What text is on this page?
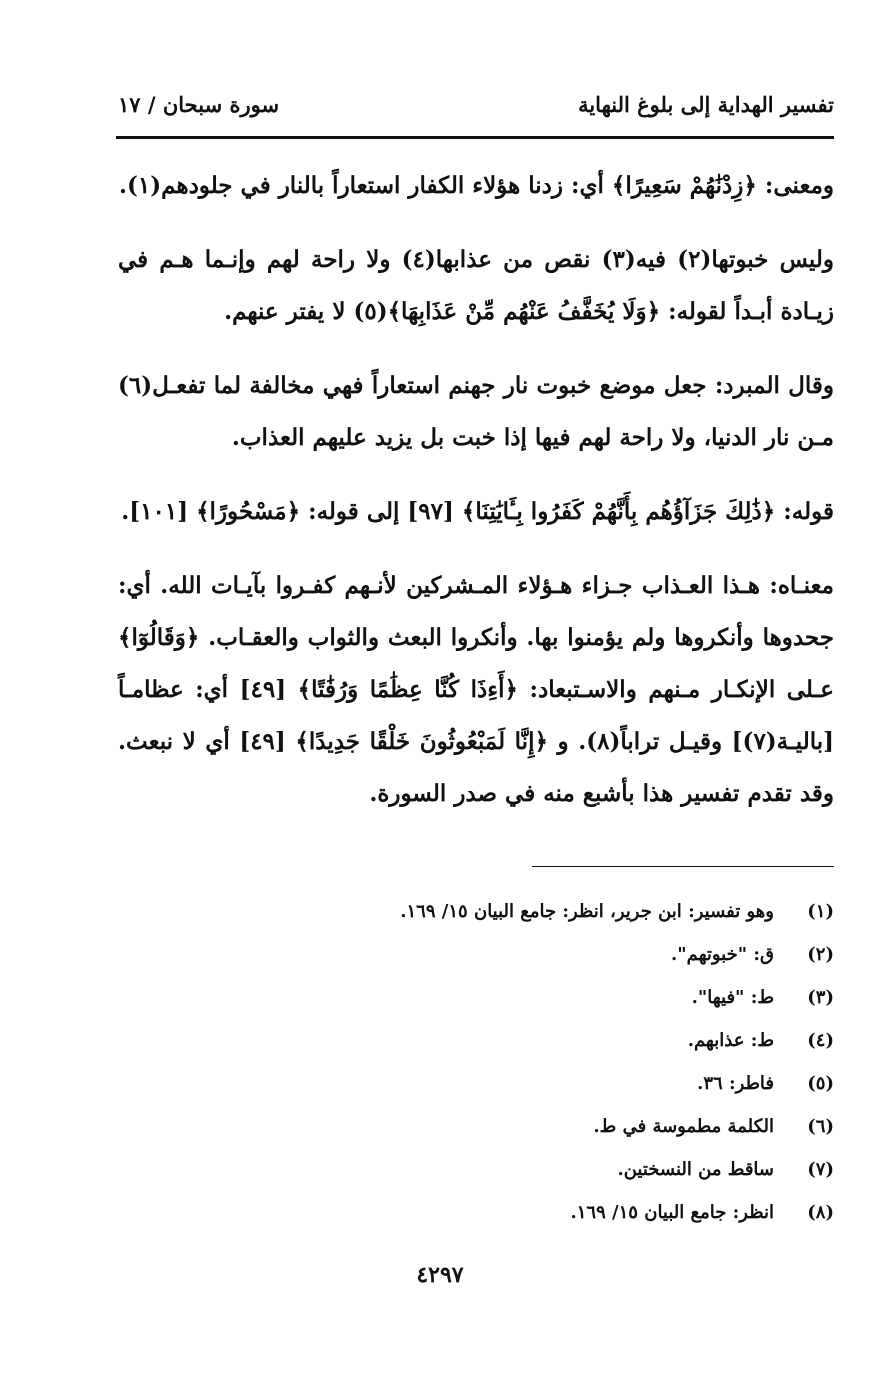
تفسير الهداية إلى بلوغ النهاية
سورة سبحان / ١٧

ومعنى: ﴿زِدْنَٰهُمْ سَعِيرًا﴾ أي: زدنا هؤلاء الكفار استعاراً بالنار في جلودهم(١).

وليس خبوتها(٢) فيه(٣) نقص من عذابها(٤) ولا راحة لهم وإنـما هـم في زيـادة أبـداً لقوله: ﴿وَلَا يُخَفَّفُ عَنْهُم مِّنْ عَذَابِهَا﴾(٥) لا يفتر عنهم.

وقال المبرد: جعل موضع خبوت نار جهنم استعاراً فهي مخالفة لما تفعـل(٦) مـن نار الدنيا، ولا راحة لهم فيها إذا خبت بل يزيد عليهم العذاب.

قوله: ﴿ذَٰلِكَ جَزَآؤُهُم بِأَنَّهُمْ كَفَرُوا بِـَٔايَٰتِنَا﴾ [٩٧] إلى قوله: ﴿مَسْحُورًا﴾ [١٠١].

معنـاه: هـذا العـذاب جـزاء هـؤلاء المـشركين لأنـهم كفـروا بآيـات الله. أي: جحدوها وأنكروها ولم يؤمنوا بها. وأنكروا البعث والثواب والعقـاب. ﴿وَقَالُوٓا﴾ عـلى الإنكـار مـنهم والاسـتبعاد: ﴿أَءِذَا كُنَّا عِظَٰمًا وَرُفَٰتًا﴾ [٤٩] أي: عظامـاً [باليـة(٧)] وقيـل تراباً(٨). و ﴿إِنَّا لَمَبْعُوثُونَ خَلْقًا جَدِيدًا﴾ [٤٩] أي لا نبعث. وقد تقدم تفسير هذا بأشبع منه في صدر السورة.

(١)
وهو تفسير: ابن جرير، انظر: جامع البيان ١٥/ ١٦٩.
(٢)
ق: "خبوتهم".
(٣)
ط: "فيها".
(٤)
ط: عذابهم.
(٥)
فاطر: ٣٦.
(٦)
الكلمة مطموسة في ط.
(٧)
ساقط من النسختين.
(٨)
انظر: جامع البيان ١٥/ ١٦٩.
٤٢٩٧
